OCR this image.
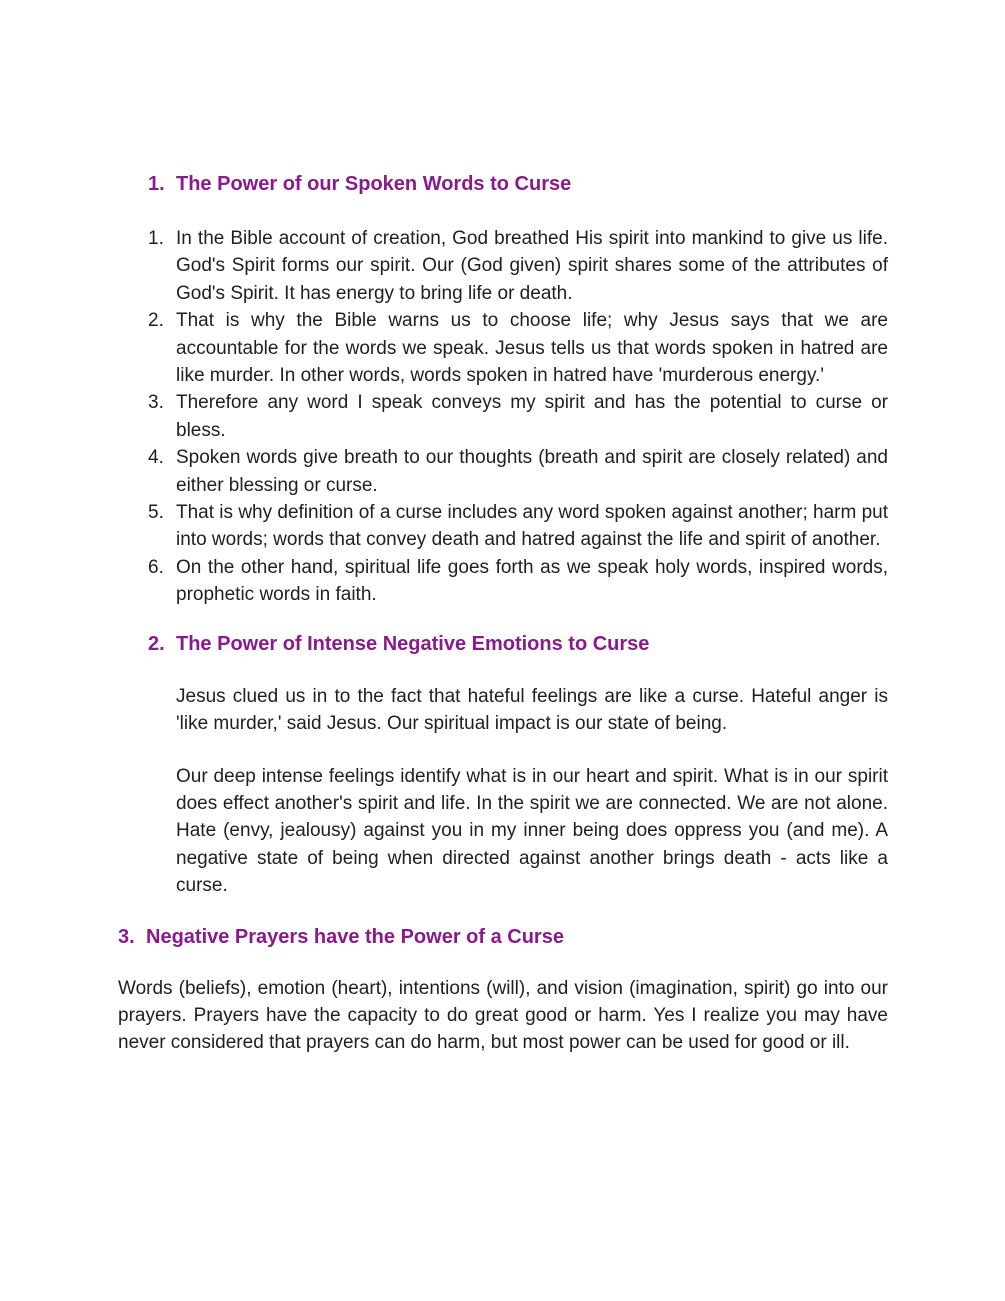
1. The Power of our Spoken Words to Curse
1. In the Bible account of creation, God breathed His spirit into mankind to give us life. God's Spirit forms our spirit. Our (God given) spirit shares some of the attributes of God's Spirit. It has energy to bring life or death.
2. That is why the Bible warns us to choose life; why Jesus says that we are accountable for the words we speak. Jesus tells us that words spoken in hatred are like murder. In other words, words spoken in hatred have 'murderous energy.'
3. Therefore any word I speak conveys my spirit and has the potential to curse or bless.
4. Spoken words give breath to our thoughts (breath and spirit are closely related) and either blessing or curse.
5. That is why definition of a curse includes any word spoken against another; harm put into words; words that convey death and hatred against the life and spirit of another.
6. On the other hand, spiritual life goes forth as we speak holy words, inspired words, prophetic words in faith.
2. The Power of Intense Negative Emotions to Curse

Jesus clued us in to the fact that hateful feelings are like a curse. Hateful anger is 'like murder,' said Jesus. Our spiritual impact is our state of being.

Our deep intense feelings identify what is in our heart and spirit. What is in our spirit does effect another's spirit and life. In the spirit we are connected. We are not alone. Hate (envy, jealousy) against you in my inner being does oppress you (and me). A negative state of being when directed against another brings death - acts like a curse.

3. Negative Prayers have the Power of a Curse

Words (beliefs), emotion (heart), intentions (will), and vision (imagination, spirit) go into our prayers. Prayers have the capacity to do great good or harm. Yes I realize you may have never considered that prayers can do harm, but most power can be used for good or ill.
